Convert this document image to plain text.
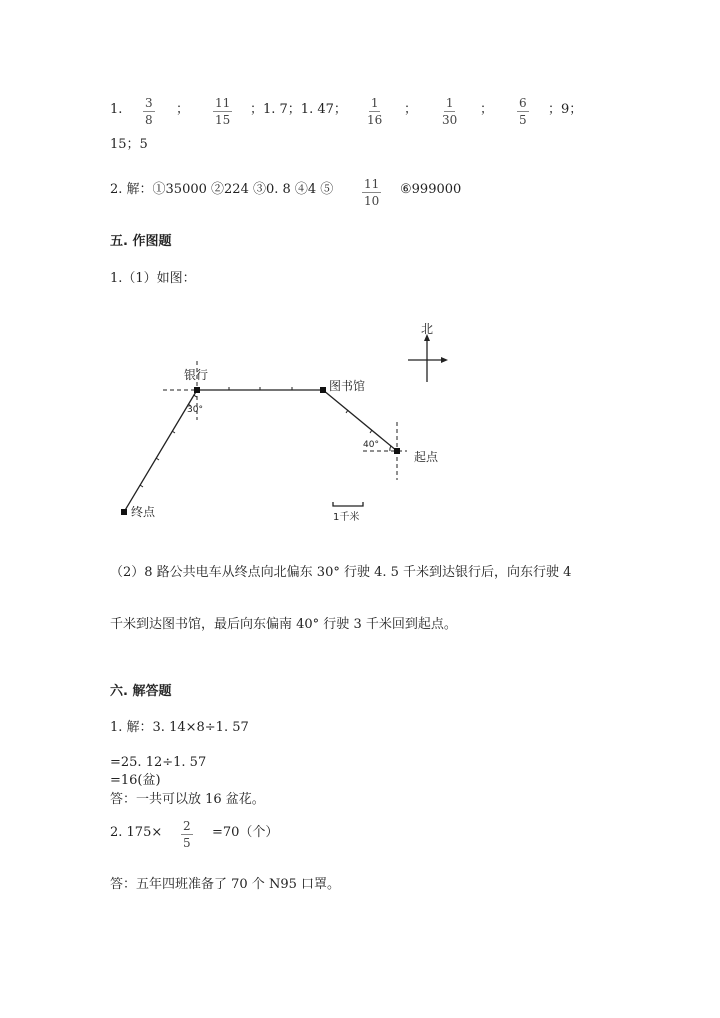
1. $\frac{3}{8}$ ； $\frac{11}{15}$ ；1. 7；1. 47； $\frac{1}{16}$ ； $\frac{1}{30}$ ； $\frac{6}{5}$ ；9；
15；5
2. 解：①35000 ②224 ③0. 8 ④4 ⑤ $\frac{11}{10}$ ⑥999000
五. 作图题
1.（1）如图：
北
银行
图书馆
起点
终点
30°
40°
1千米
（2）8 路公共电车从终点向北偏东 30° 行驶 4. 5 千米到达银行后，向东行驶 4
千米到达图书馆，最后向东偏南 40° 行驶 3 千米回到起点。
六. 解答题
1. 解：3. 14×8÷1. 57
=25. 12÷1. 57
=16(盆)
答：一共可以放 16 盆花。
2. $175\times \frac{2}{5} =70$（个）
答：五年四班准备了 70 个 N95 口罩。
